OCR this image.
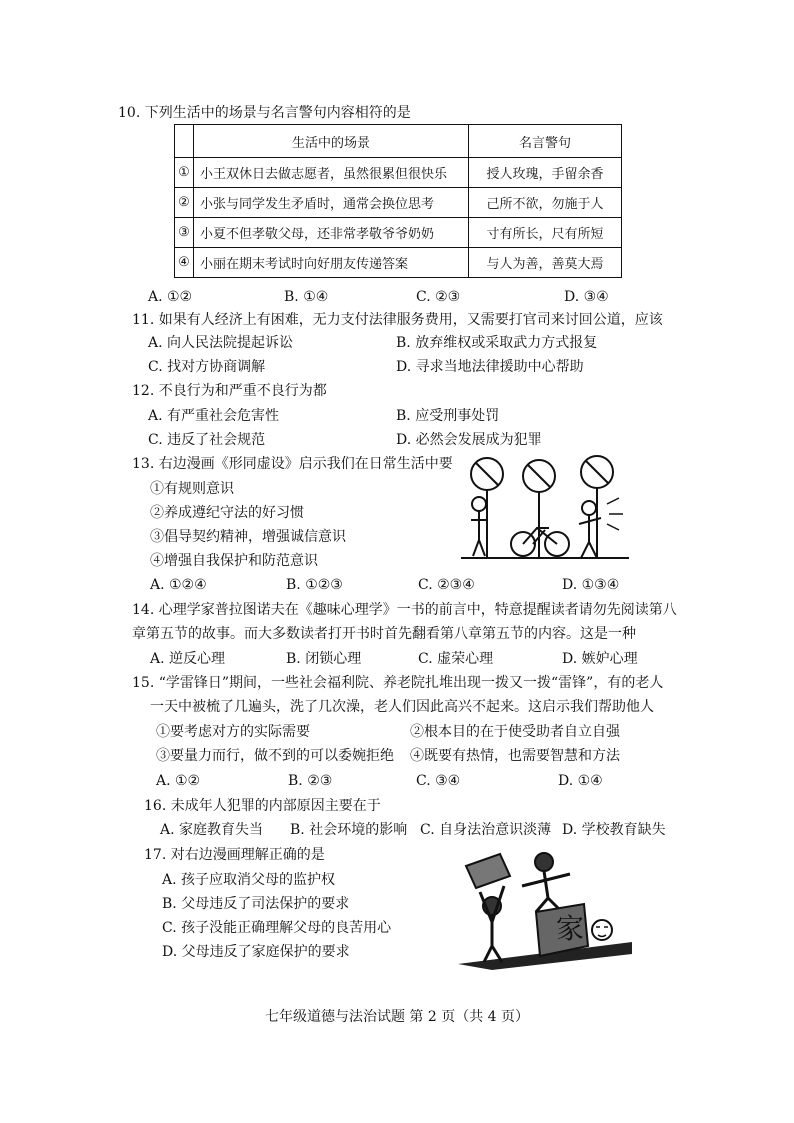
10. 下列生活中的场景与名言警句内容相符的是
	生活中的场景	名言警句
①	小王双休日去做志愿者，虽然很累但很快乐	授人玫瑰，手留余香
②	小张与同学发生矛盾时，通常会换位思考	己所不欲，勿施于人
③	小夏不但孝敬父母，还非常孝敬爷爷奶奶	寸有所长，尺有所短
④	小丽在期末考试时向好朋友传递答案	与人为善，善莫大焉
A. ①②	B. ①④	C. ②③	D. ③④
11. 如果有人经济上有困难，无力支付法律服务费用，又需要打官司来讨回公道，应该
A. 向人民法院提起诉讼	B. 放弃维权或采取武力方式报复
C. 找对方协商调解	D. 寻求当地法律援助中心帮助
12. 不良行为和严重不良行为都
A. 有严重社会危害性	B. 应受刑事处罚
C. 违反了社会规范	D. 必然会发展成为犯罪
13. 右边漫画《形同虚设》启示我们在日常生活中要
①有规则意识
②养成遵纪守法的好习惯
③倡导契约精神，增强诚信意识
④增强自我保护和防范意识
A. ①②④	B. ①②③	C. ②③④	D. ①③④
14. 心理学家普拉图诺夫在《趣味心理学》一书的前言中，特意提醒读者请勿先阅读第八
章第五节的故事。而大多数读者打开书时首先翻看第八章第五节的内容。这是一种
A. 逆反心理	B. 闭锁心理	C. 虚荣心理	D. 嫉妒心理
15. “学雷锋日”期间，一些社会福利院、养老院扎堆出现一拨又一拨“雷锋”，有的老人
一天中被梳了几遍头，洗了几次澡，老人们因此高兴不起来。这启示我们帮助他人
①要考虑对方的实际需要	②根本目的在于使受助者自立自强
③要量力而行，做不到的可以委婉拒绝 ④既要有热情，也需要智慧和方法
A. ①②	B. ②③	C. ③④	D. ①④
16. 未成年人犯罪的内部原因主要在于
A. 家庭教育失当 B. 社会环境的影响 C. 自身法治意识淡薄 D. 学校教育缺失
17. 对右边漫画理解正确的是
A. 孩子应取消父母的监护权
B. 父母违反了司法保护的要求
C. 孩子没能正确理解父母的良苦用心
D. 父母违反了家庭保护的要求
家
七年级道德与法治试题 第 2 页（共 4 页）
